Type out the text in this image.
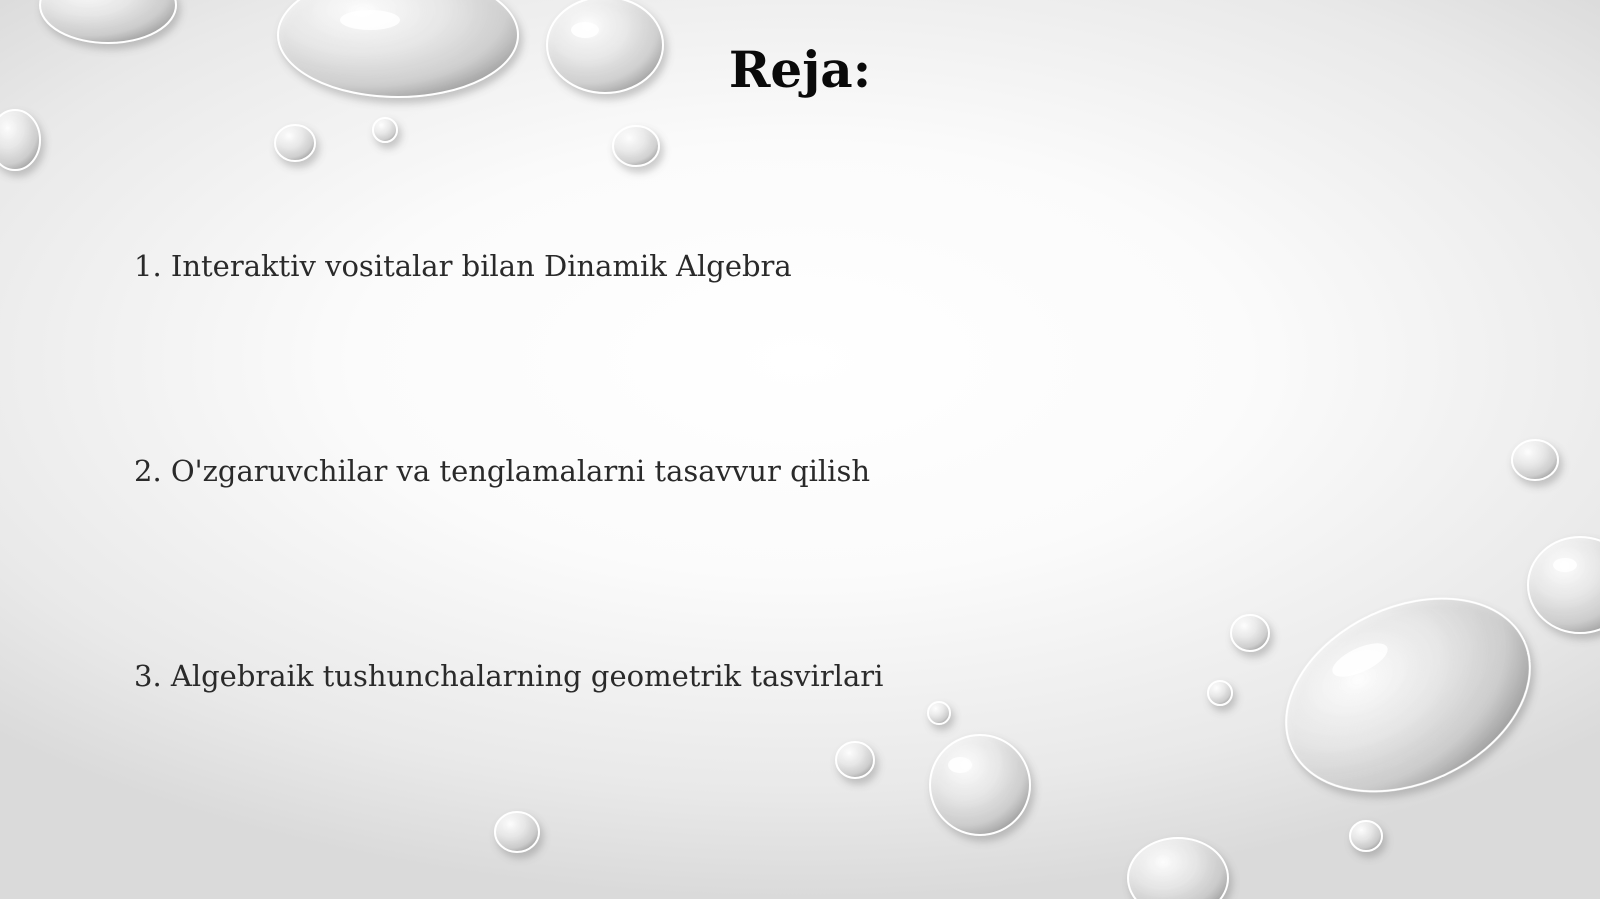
Reja:
1. Interaktiv vositalar bilan Dinamik Algebra
2. O'zgaruvchilar va tenglamalarni tasavvur qilish
3. Algebraik tushunchalarning geometrik tasvirlari
